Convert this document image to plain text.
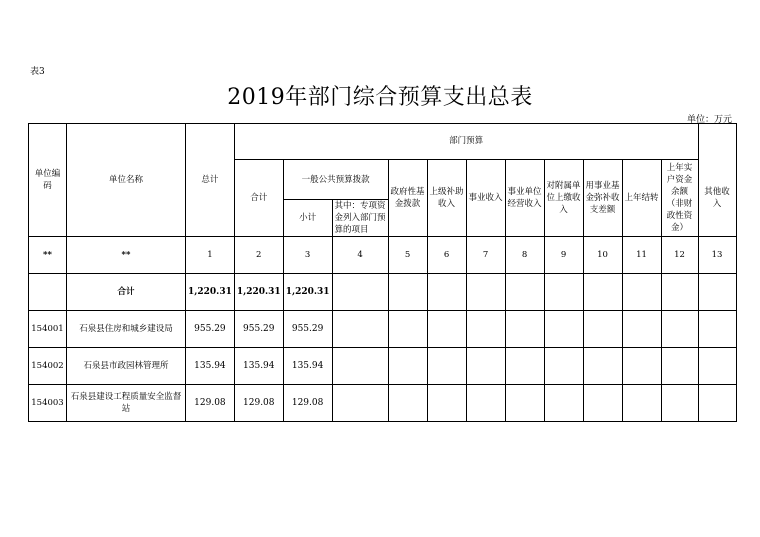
表3
2019年部门综合预算支出总表
单位：万元
单位编码	单位名称	总计	部门预算											

			合计	一般公共预算拨款		政府性基金拨款	上级补助收入	事业收入	事业单位经营收入	对附属单位上缴收入	用事业基金弥补收支差额	上年结转	上年实户资金余额（非财政性资金）	其他收入
				小计	其中：专项资金列入部门预算的项目									
**	**	1	2	3	4	5	6	7	8	9	10	11	12	13
	合计	1,220.31	1,220.31	1,220.31										
154001	石泉县住房和城乡建设局	955.29	955.29	955.29										
154002	石泉县市政园林管理所	135.94	135.94	135.94										
154003	石泉县建设工程质量安全监督站	129.08	129.08	129.08										
